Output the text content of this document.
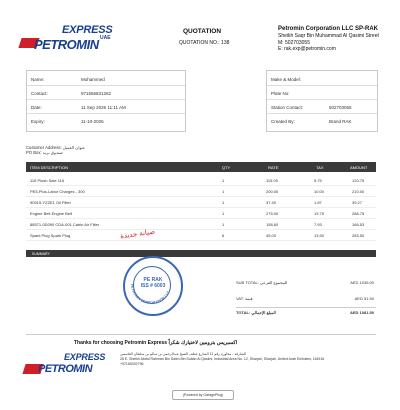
EXPRESS
UAE
PETROMIN
QUOTATION
QUOTATION NO.: 138
Petromin Corporation LLC SP-RAK
Sheikh Saqr Bin Muhammad Al Qasimi Street
M: 502703055
E: rak.exp@petromin.com
Name:	Mohammed
Contact:	971556831262
Date:	11 Sep 2026 11:11 AM
Expiry:	11-10-2026
Make & Model:
Plate No:
Station Contact:	502703055
Created By:	Brand RAK
Customer Address: عنوان العميل
PO Box: صندوق بريد
ITEM DESCRIPTION	QTY	RATE	TAX	AMOUNT
116 Plush Sale 116	1	115.00	5.75	120.75
PE5-Plus-Labor Charges - 300	1	200.00	10.00	210.00
90915-YZZE1 Oil Filter	1	37.40	1.87	39.27
Engine Belt Engine Belt	1	275.00	13.75	288.75
88571-0D090 CDA-001 Cabin Air Filter	1	158.60	7.93	166.53
Spark Plug Spark Plug	6	45.00	13.50	283.50
صيانة جديدة
SUMMARY
SUB TOTAL: المجموع الفرعي	AED 1035.00
VAT: قيمة	AED 51.50
TOTAL: المبلغ الإجمالي	AED 1081.50
PETROMIN CORPORATION LLC
PE RAK
ISS # 6003
Thanks for choosing Petromin Express اكسبريس بترومين لاختيارك شكراً
EXPRESS
PETROMIN
الشارقة - مجاورة رقم 11 الشارع عطف الشيخ عبدالرحمن بن سالم بن سلطان القاسمي
26 E. Sheikh Abdul Rahman Bin Salim Bin Sultan Al Qasimi, Industrial Area No. 12, Sharjah, Sharjah, United Arab Emirates, 116916
+97165302796
(Powered by GaragePlug)
